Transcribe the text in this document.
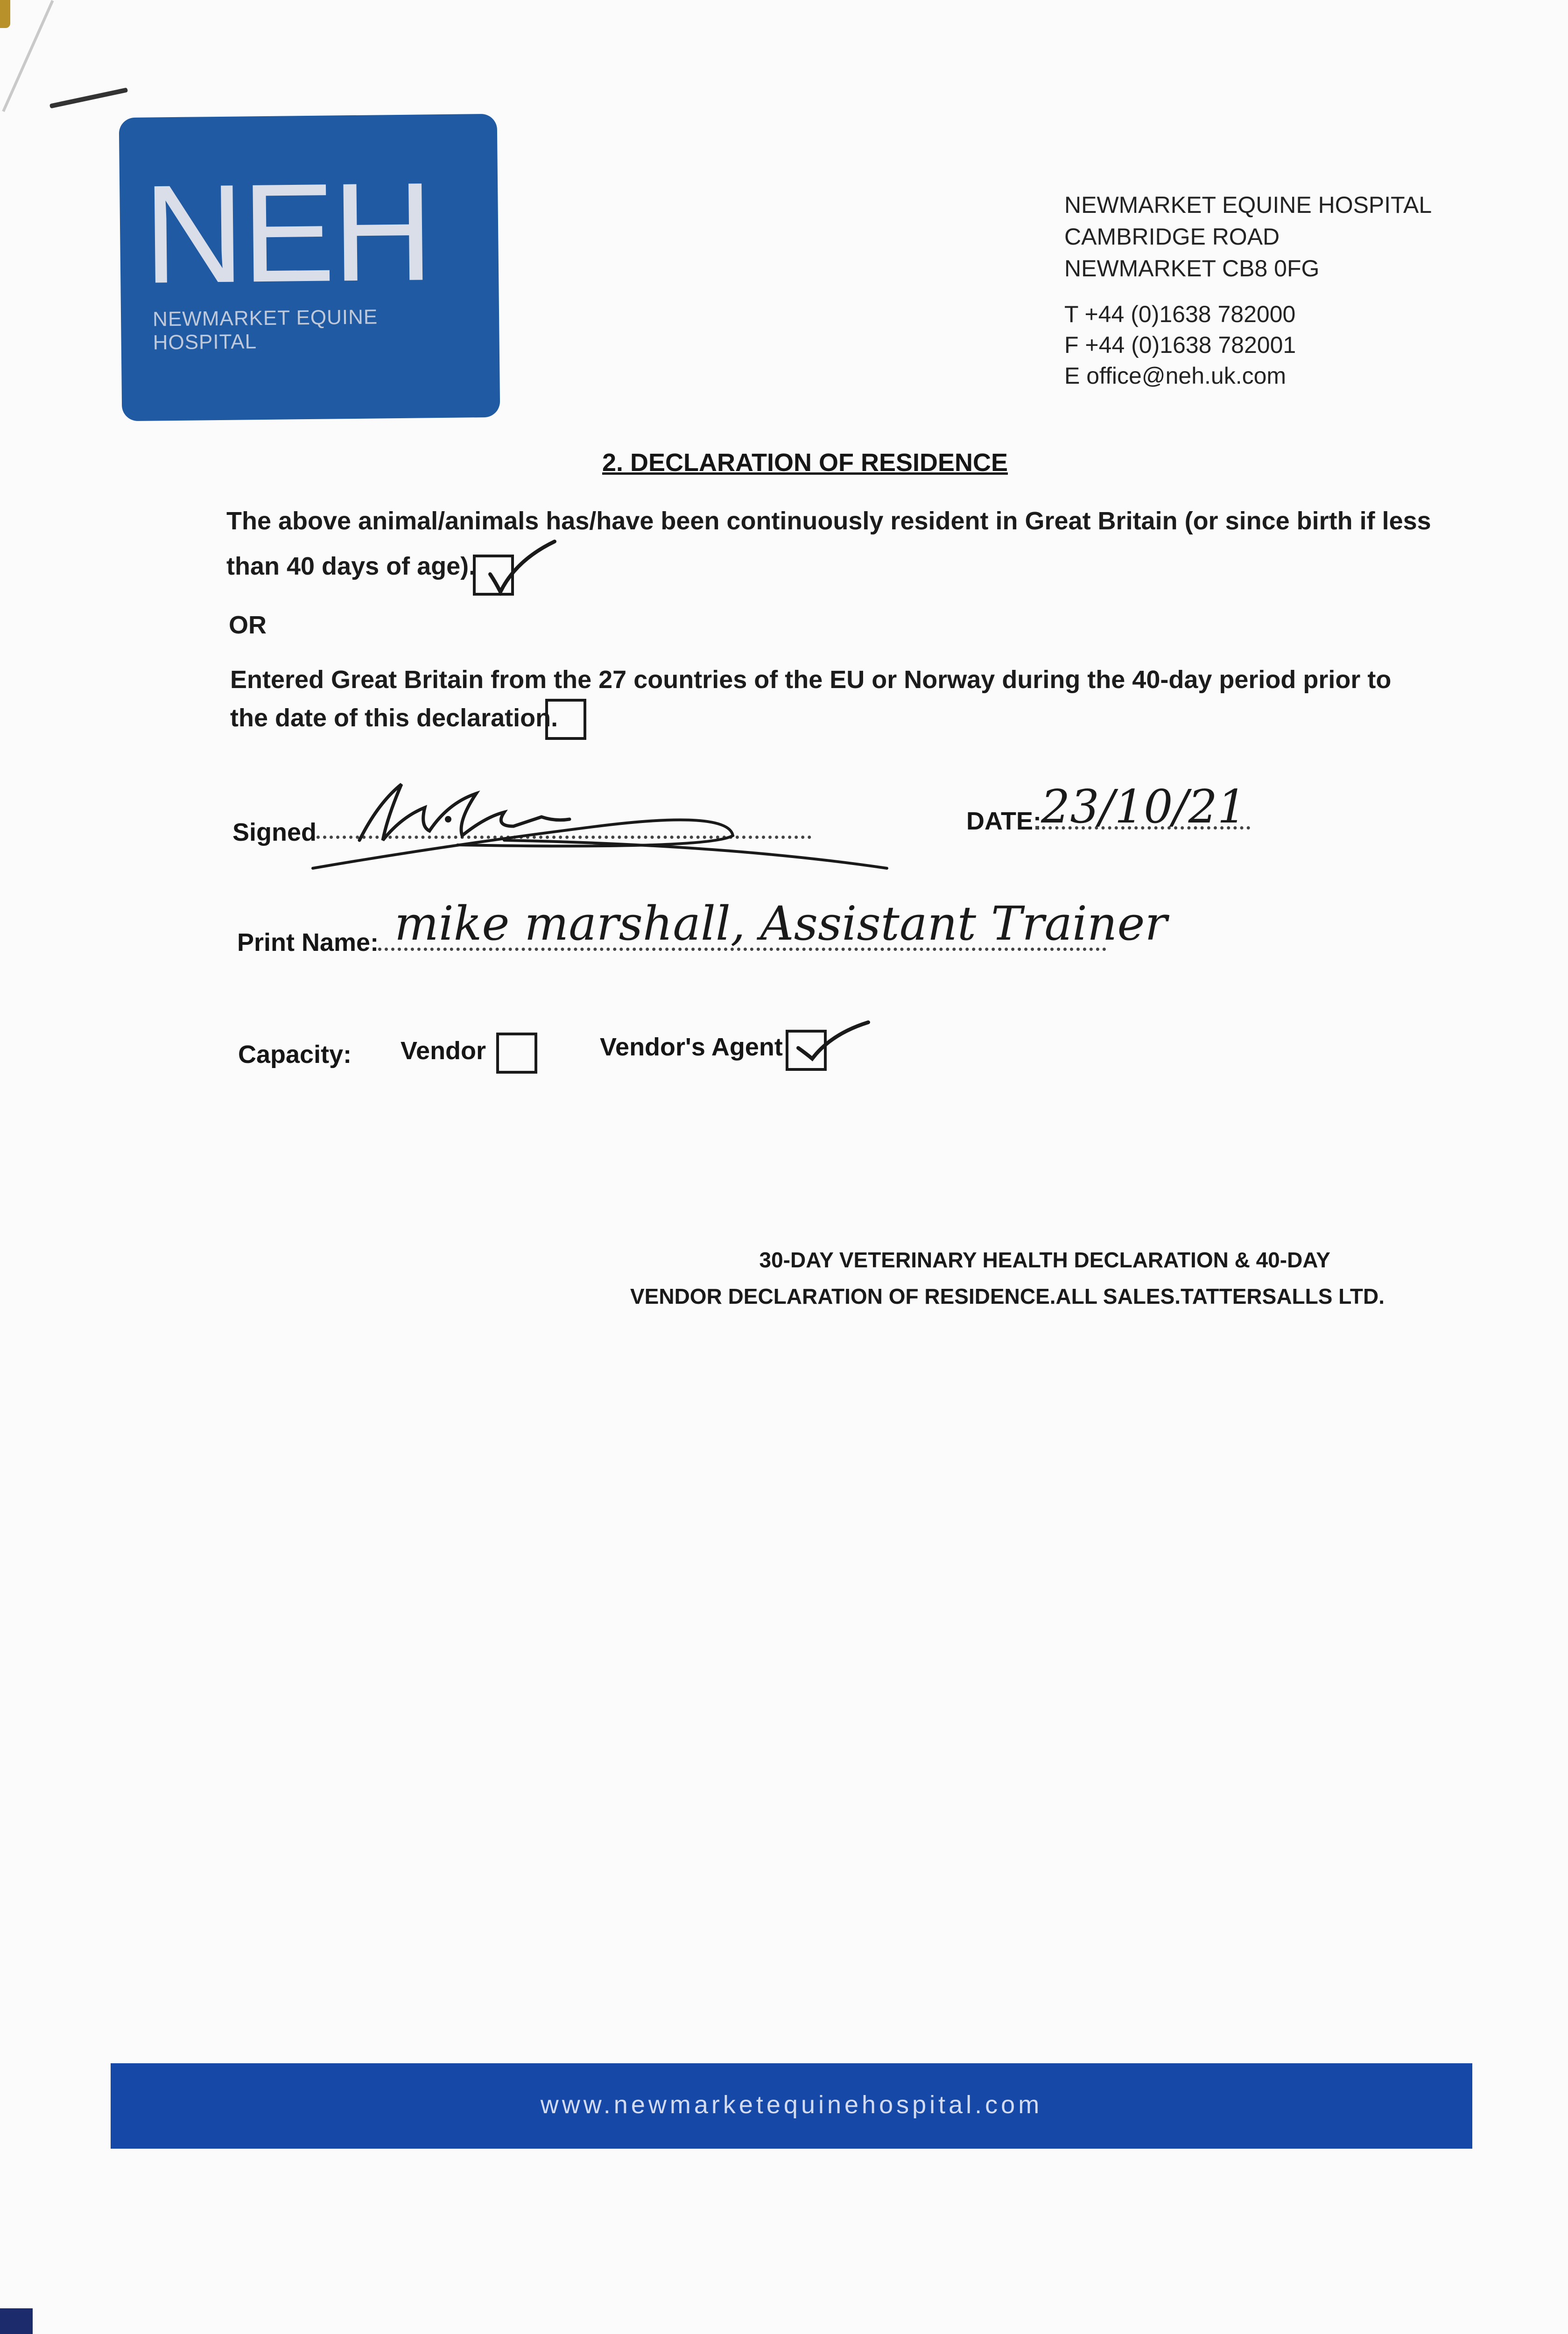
NEH
NEWMARKET EQUINE HOSPITAL
NEWMARKET EQUINE HOSPITAL
CAMBRIDGE ROAD
NEWMARKET CB8 0FG
T +44 (0)1638 782000
F +44 (0)1638 782001
E office@neh.uk.com
2. DECLARATION OF RESIDENCE
The above animal/animals has/have been continuously resident in Great Britain (or since birth if less
than 40 days of age).
OR
Entered Great Britain from the 27 countries of the EU or Norway during the 40-day period prior to
the date of this declaration.
Signed	DATE: 23/10/21
Print Name: mike marshall, Assistant Trainer
Capacity: Vendor	Vendor's Agent
30-DAY VETERINARY HEALTH DECLARATION & 40-DAY
VENDOR DECLARATION OF RESIDENCE.ALL SALES.TATTERSALLS LTD.
www.newmarketequinehospital.com
